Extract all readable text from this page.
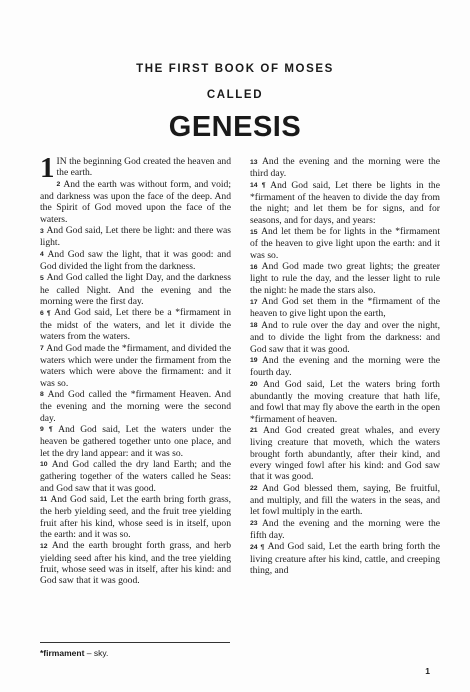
THE FIRST BOOK OF MOSES
CALLED
GENESIS

1 IN the beginning God created the heaven and the earth.

2 And the earth was without form, and void; and darkness was upon the face of the deep. And the Spirit of God moved upon the face of the waters.

3 And God said, Let there be light: and there was light.

4 And God saw the light, that it was good: and God divided the light from the darkness.

5 And God called the light Day, and the darkness he called Night. And the evening and the morning were the first day.

6 ¶ And God said, Let there be a *firmament in the midst of the waters, and let it divide the waters from the waters.

7 And God made the *firmament, and divided the waters which were under the firmament from the waters which were above the firmament: and it was so.

8 And God called the *firmament Heaven. And the evening and the morning were the second day.

9 ¶ And God said, Let the waters under the heaven be gathered together unto one place, and let the dry land appear: and it was so.

10 And God called the dry land Earth; and the gathering together of the waters called he Seas: and God saw that it was good.

11 And God said, Let the earth bring forth grass, the herb yielding seed, and the fruit tree yielding fruit after his kind, whose seed is in itself, upon the earth: and it was so.

12 And the earth brought forth grass, and herb yielding seed after his kind, and the tree yielding fruit, whose seed was in itself, after his kind: and God saw that it was good.

13 And the evening and the morning were the third day.

14 ¶ And God said, Let there be lights in the *firmament of the heaven to divide the day from the night; and let them be for signs, and for seasons, and for days, and years:

15 And let them be for lights in the *firmament of the heaven to give light upon the earth: and it was so.

16 And God made two great lights; the greater light to rule the day, and the lesser light to rule the night: he made the stars also.

17 And God set them in the *firmament of the heaven to give light upon the earth,

18 And to rule over the day and over the night, and to divide the light from the darkness: and God saw that it was good.

19 And the evening and the morning were the fourth day.

20 And God said, Let the waters bring forth abundantly the moving creature that hath life, and fowl that may fly above the earth in the open *firmament of heaven.

21 And God created great whales, and every living creature that moveth, which the waters brought forth abundantly, after their kind, and every winged fowl after his kind: and God saw that it was good.

22 And God blessed them, saying, Be fruitful, and multiply, and fill the waters in the seas, and let fowl multiply in the earth.

23 And the evening and the morning were the fifth day.

24 ¶ And God said, Let the earth bring forth the living creature after his kind, cattle, and creeping thing, and

*firmament – sky.
1
